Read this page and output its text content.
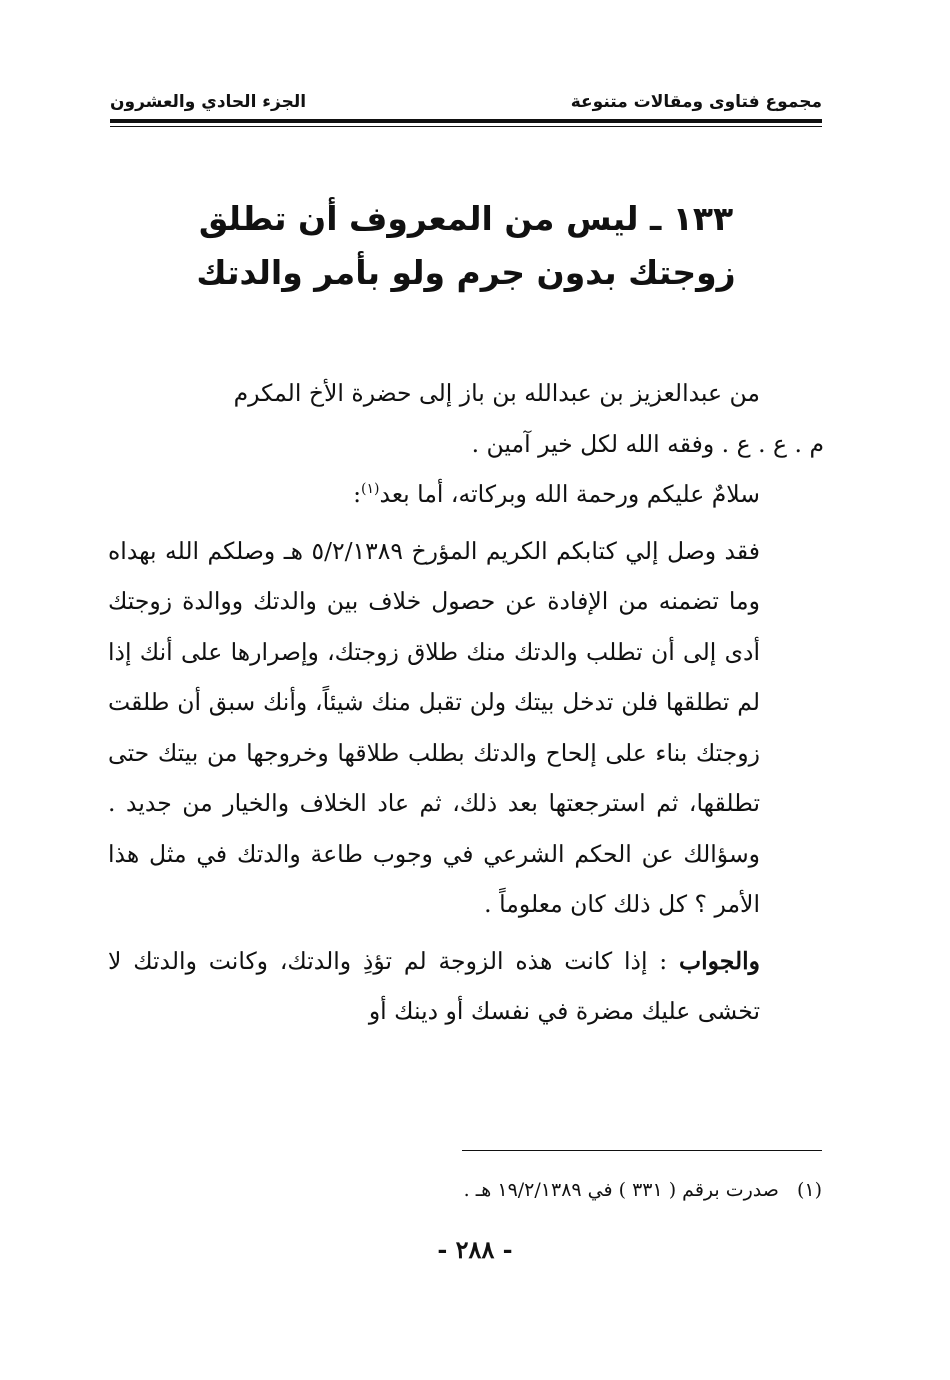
مجموع فتاوى ومقالات متنوعة
الجزء الحادي والعشرون
١٣٣ ـ ليس من المعروف أن تطلق
زوجتك بدون جرم ولو بأمر والدتك

من عبدالعزيز بن عبدالله بن باز إلى حضرة الأخ المكرم

م . ع . ع . وفقه الله لكل خير آمين .

سلامٌ عليكم ورحمة الله وبركاته، أما بعد$^{(١)}$:

فقد وصل إلي كتابكم الكريم المؤرخ ٥/٢/١٣٨٩ هـ وصلكم الله بهداه وما تضمنه من الإفادة عن حصول خلاف بين والدتك ووالدة زوجتك أدى إلى أن تطلب والدتك منك طلاق زوجتك، وإصرارها على أنك إذا لم تطلقها فلن تدخل بيتك ولن تقبل منك شيئاً، وأنك سبق أن طلقت زوجتك بناء على إلحاح والدتك بطلب طلاقها وخروجها من بيتك حتى تطلقها، ثم استرجعتها بعد ذلك، ثم عاد الخلاف والخيار من جديد . وسؤالك عن الحكم الشرعي في وجوب طاعة والدتك في مثل هذا الأمر ؟ كل ذلك كان معلوماً .

والجواب : إذا كانت هذه الزوجة لم تؤذِ والدتك، وكانت والدتك لا تخشى عليك مضرة في نفسك أو دينك أو

(١) صدرت برقم ( ٣٣١ ) في ١٩/٢/١٣٨٩ هـ .
- ٢٨٨ -
